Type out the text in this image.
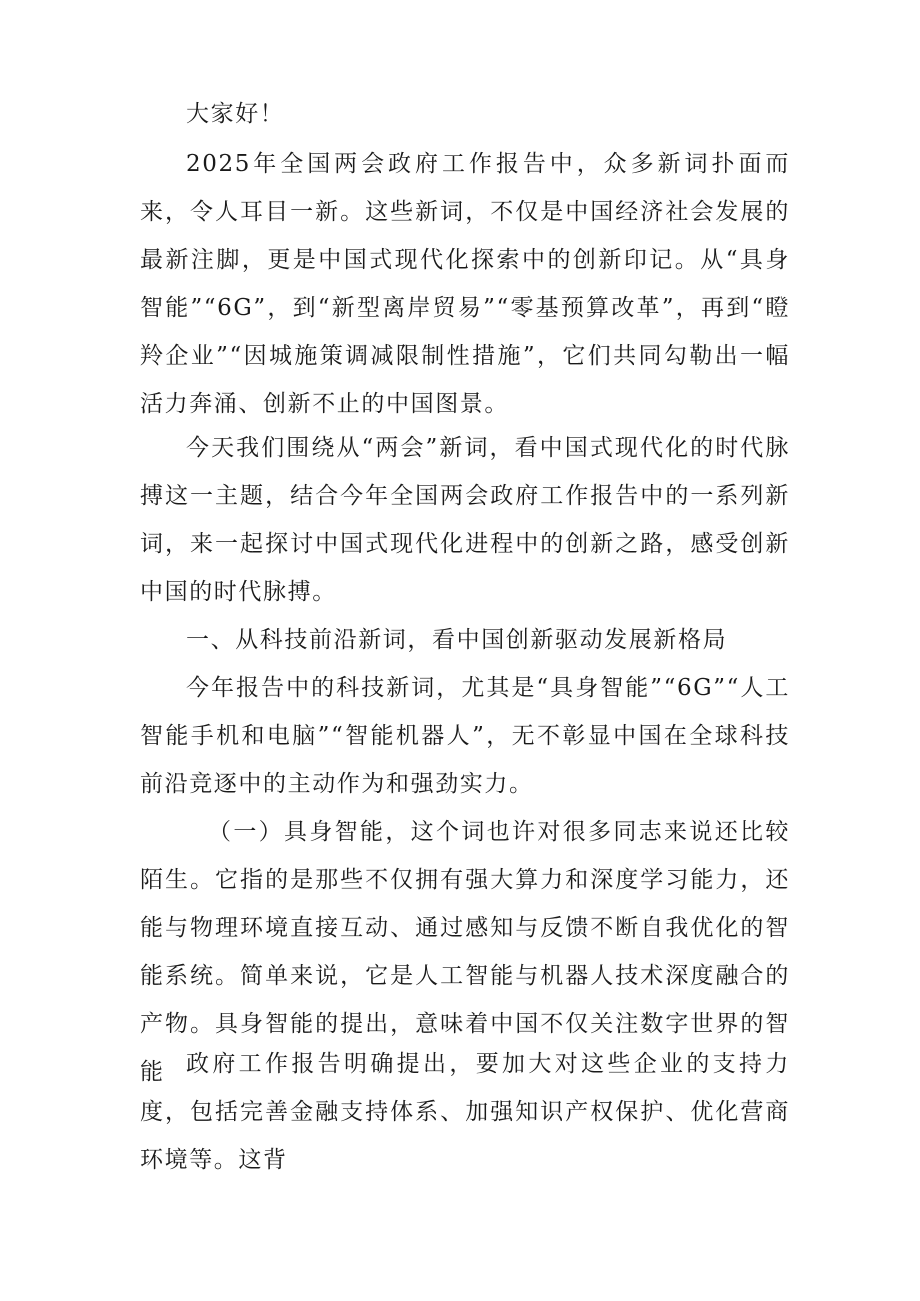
大家好！

2025年全国两会政府工作报告中，众多新词扑面而来，令人耳目一新。这些新词，不仅是中国经济社会发展的最新注脚，更是中国式现代化探索中的创新印记。从“具身智能”“6G”，到“新型离岸贸易”“零基预算改革”，再到“瞪羚企业”“因城施策调减限制性措施”，它们共同勾勒出一幅活力奔涌、创新不止的中国图景。

今天我们围绕从“两会”新词，看中国式现代化的时代脉搏这一主题，结合今年全国两会政府工作报告中的一系列新词，来一起探讨中国式现代化进程中的创新之路，感受创新中国的时代脉搏。

一、从科技前沿新词，看中国创新驱动发展新格局

今年报告中的科技新词，尤其是“具身智能”“6G”“人工智能手机和电脑”“智能机器人”，无不彰显中国在全球科技前沿竞逐中的主动作为和强劲实力。

（一）具身智能，这个词也许对很多同志来说还比较陌生。它指的是那些不仅拥有强大算力和深度学习能力，还能与物理环境直接互动、通过感知与反馈不断自我优化的智能系统。简单来说，它是人工智能与机器人技术深度融合的产物。具身智能的提出，意味着中国不仅关注数字世界的智能 政府工作报告明确提出，要加大对这些企业的支持力度，包括完善金融支持体系、加强知识产权保护、优化营商环境等。这背
